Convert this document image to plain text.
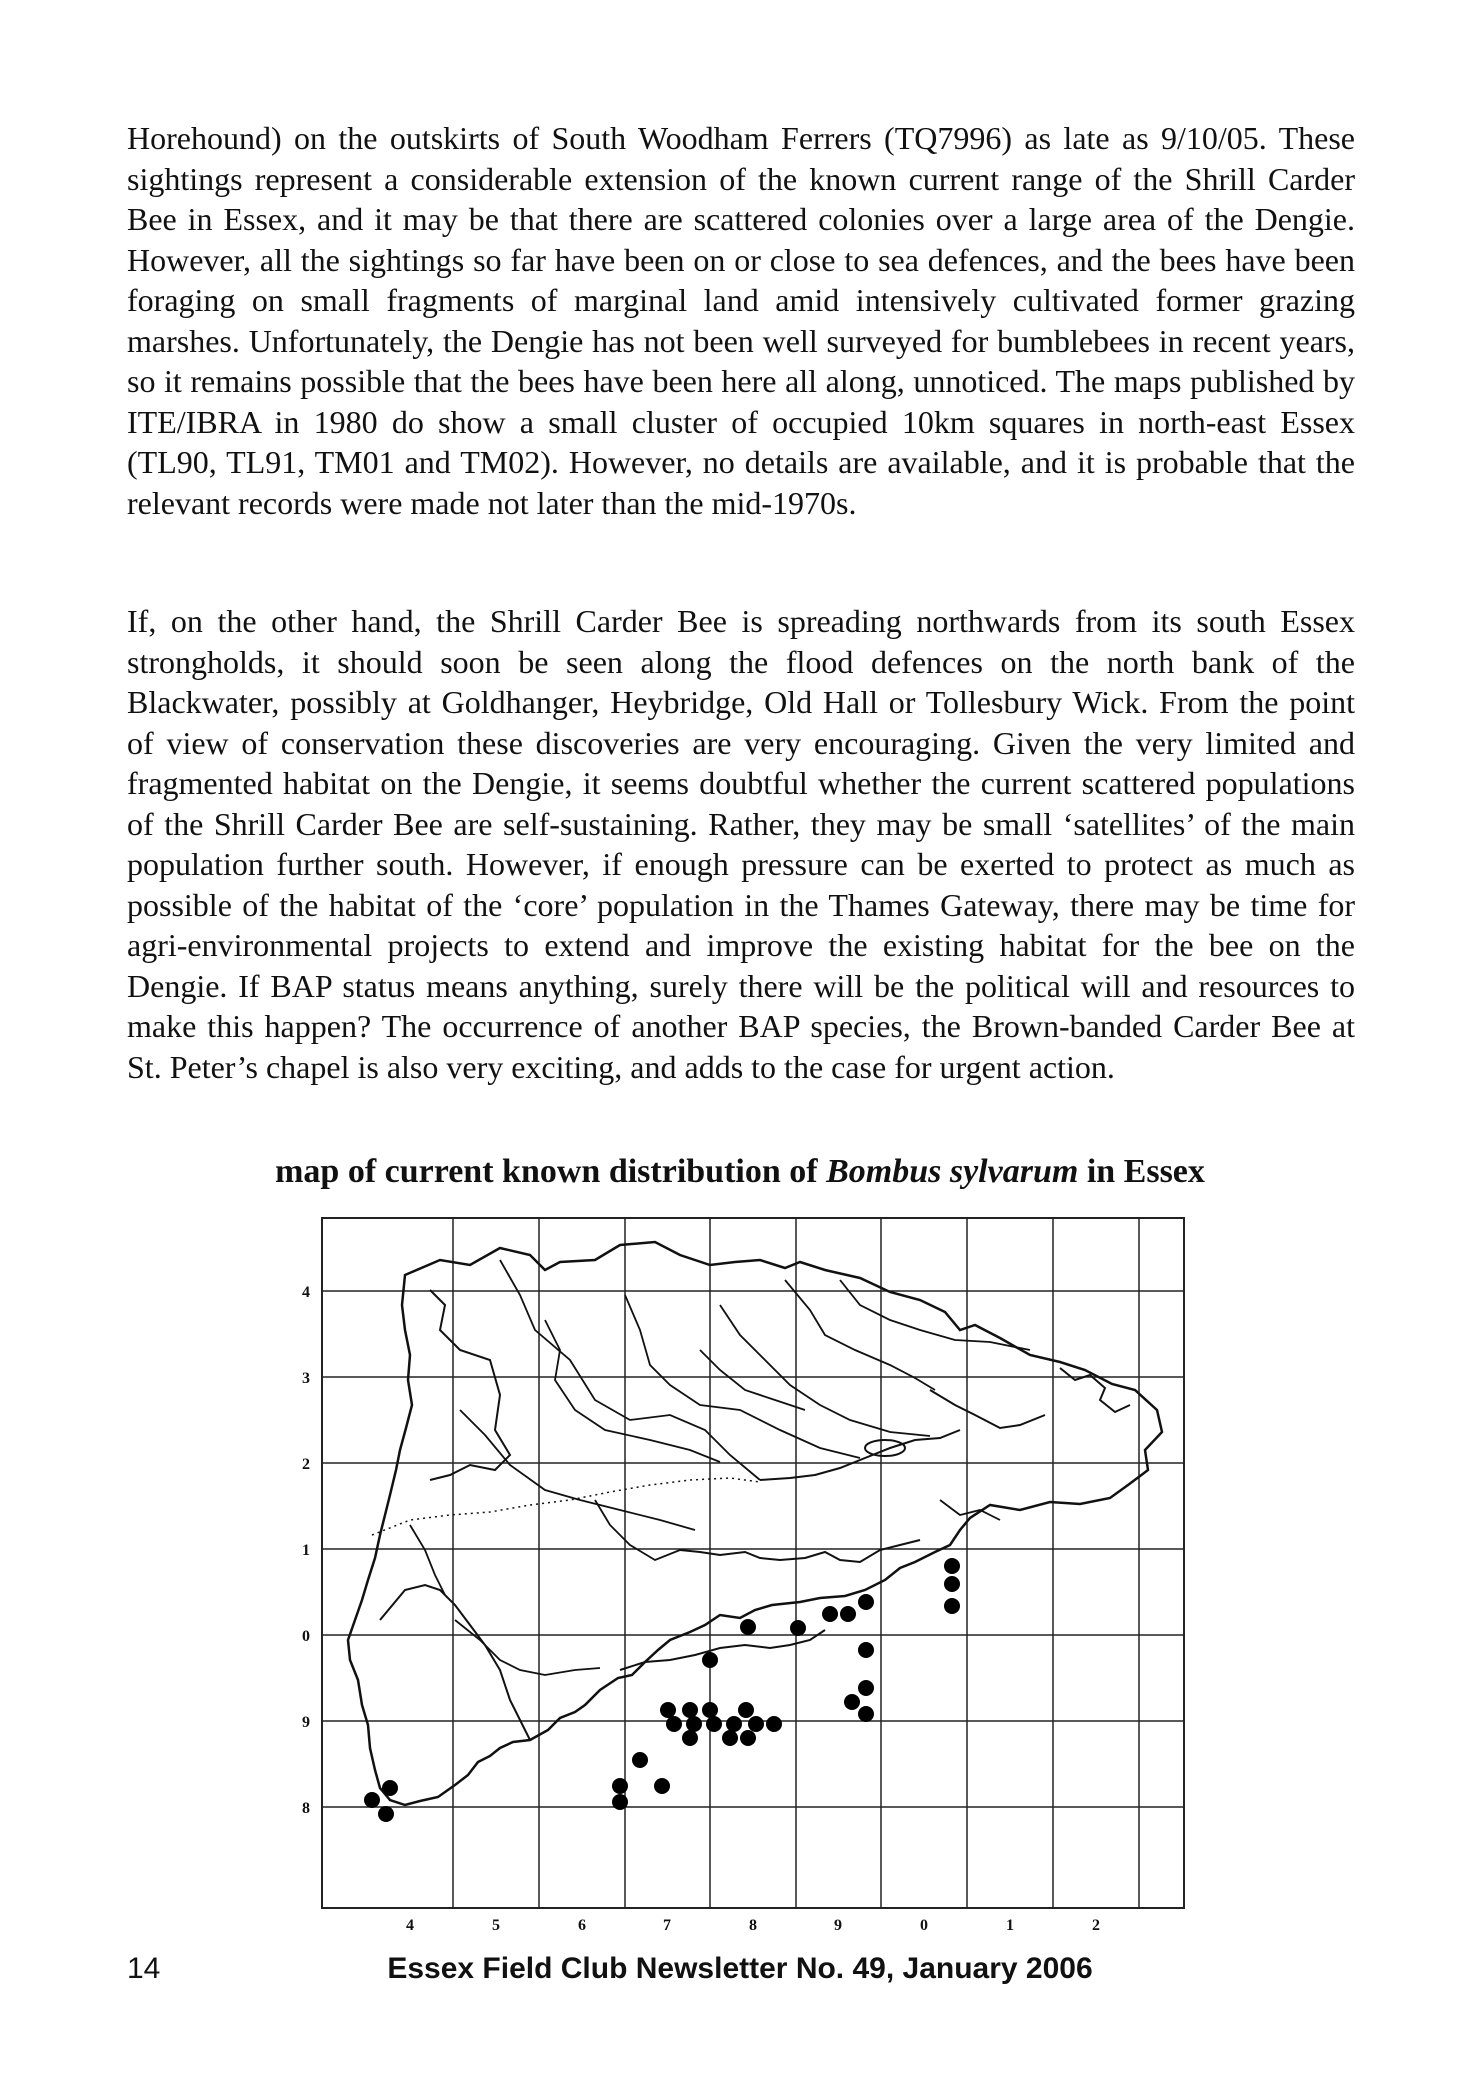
Horehound) on the outskirts of South Woodham Ferrers (TQ7996) as late as 9/10/05. These sightings represent a considerable extension of the known current range of the Shrill Carder Bee in Essex, and it may be that there are scattered colonies over a large area of the Dengie. However, all the sightings so far have been on or close to sea defences, and the bees have been foraging on small fragments of marginal land amid intensively cultivated former grazing marshes. Unfortunately, the Dengie has not been well surveyed for bumblebees in recent years, so it remains possible that the bees have been here all along, unnoticed. The maps published by ITE/IBRA in 1980 do show a small cluster of occupied 10km squares in north-east Essex (TL90, TL91, TM01 and TM02). However, no details are available, and it is probable that the relevant records were made not later than the mid-1970s.

If, on the other hand, the Shrill Carder Bee is spreading northwards from its south Essex strongholds, it should soon be seen along the flood defences on the north bank of the Blackwater, possibly at Goldhanger, Heybridge, Old Hall or Tollesbury Wick. From the point of view of conservation these discoveries are very encouraging. Given the very limited and fragmented habitat on the Dengie, it seems doubtful whether the current scattered populations of the Shrill Carder Bee are self-sustaining. Rather, they may be small ‘satellites’ of the main population further south. However, if enough pressure can be exerted to protect as much as possible of the habitat of the ‘core’ population in the Thames Gateway, there may be time for agri-environmental projects to extend and improve the existing habitat for the bee on the Dengie. If BAP status means anything, surely there will be the political will and resources to make this happen? The occurrence of another BAP species, the Brown-banded Carder Bee at St. Peter’s chapel is also very exciting, and adds to the case for urgent action.

map of current known distribution of Bombus sylvarum in Essex

4	5	6	7	8	9	0	1	2
4
3
2
1
0
9
8
14	Essex Field Club Newsletter No. 49, January 2006
